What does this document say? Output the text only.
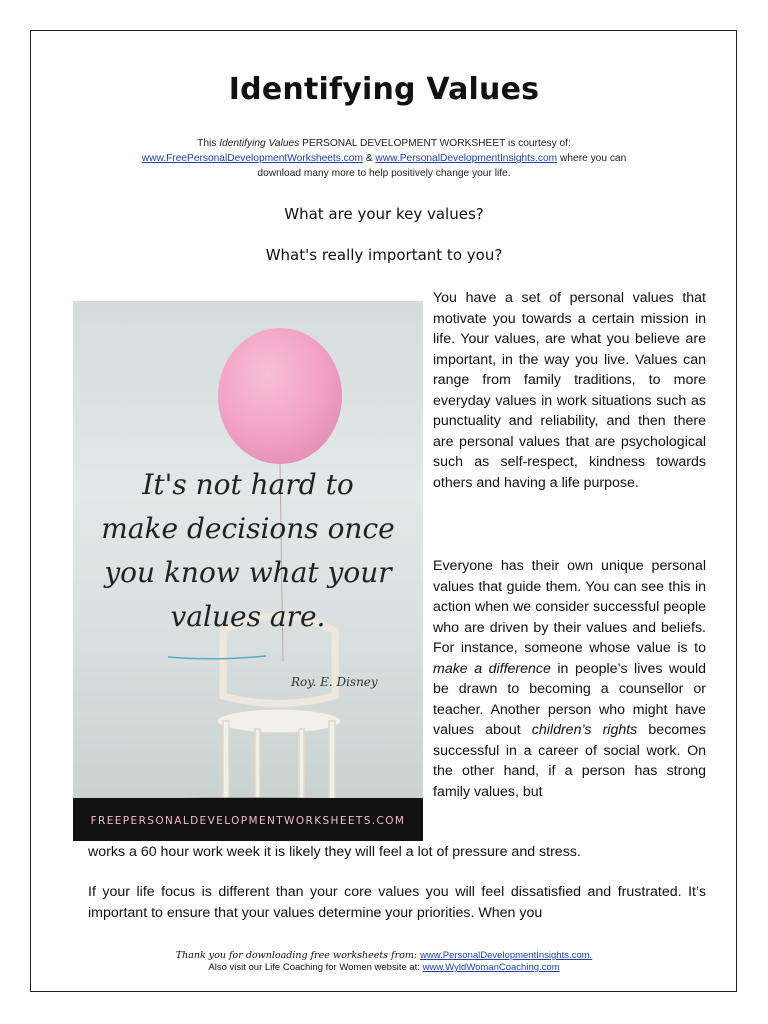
Identifying Values
This Identifying Values PERSONAL DEVELOPMENT WORKSHEET is courtesy of:
www.FreePersonalDevelopmentWorksheets.com & www.PersonalDevelopmentInsights.com where you can
download many more to help positively change your life.
What are your key values?
What's really important to you?
It's not hard to
make decisions once
you know what your
values are.
Roy. E. Disney
FREEPERSONALDEVELOPMENTWORKSHEETS.COM
You have a set of personal values that motivate you towards a certain mission in life. Your values, are what you believe are important, in the way you live. Values can range from family traditions, to more everyday values in work situations such as punctuality and reliability, and then there are personal values that are psychological such as self-respect, kindness towards others and having a life purpose.
Everyone has their own unique personal values that guide them. You can see this in action when we consider successful people who are driven by their values and beliefs. For instance, someone whose value is to make a difference in people’s lives would be drawn to becoming a counsellor or teacher. Another person who might have values about children’s rights becomes successful in a career of social work. On the other hand, if a person has strong family values, but
works a 60 hour work week it is likely they will feel a lot of pressure and stress.
If your life focus is different than your core values you will feel dissatisfied and frustrated. It’s important to ensure that your values determine your priorities. When you
Thank you for downloading free worksheets from: www.PersonalDevelopmentInsights.com.
Also visit our Life Coaching for Women website at: www.WyldWomanCoaching.com
